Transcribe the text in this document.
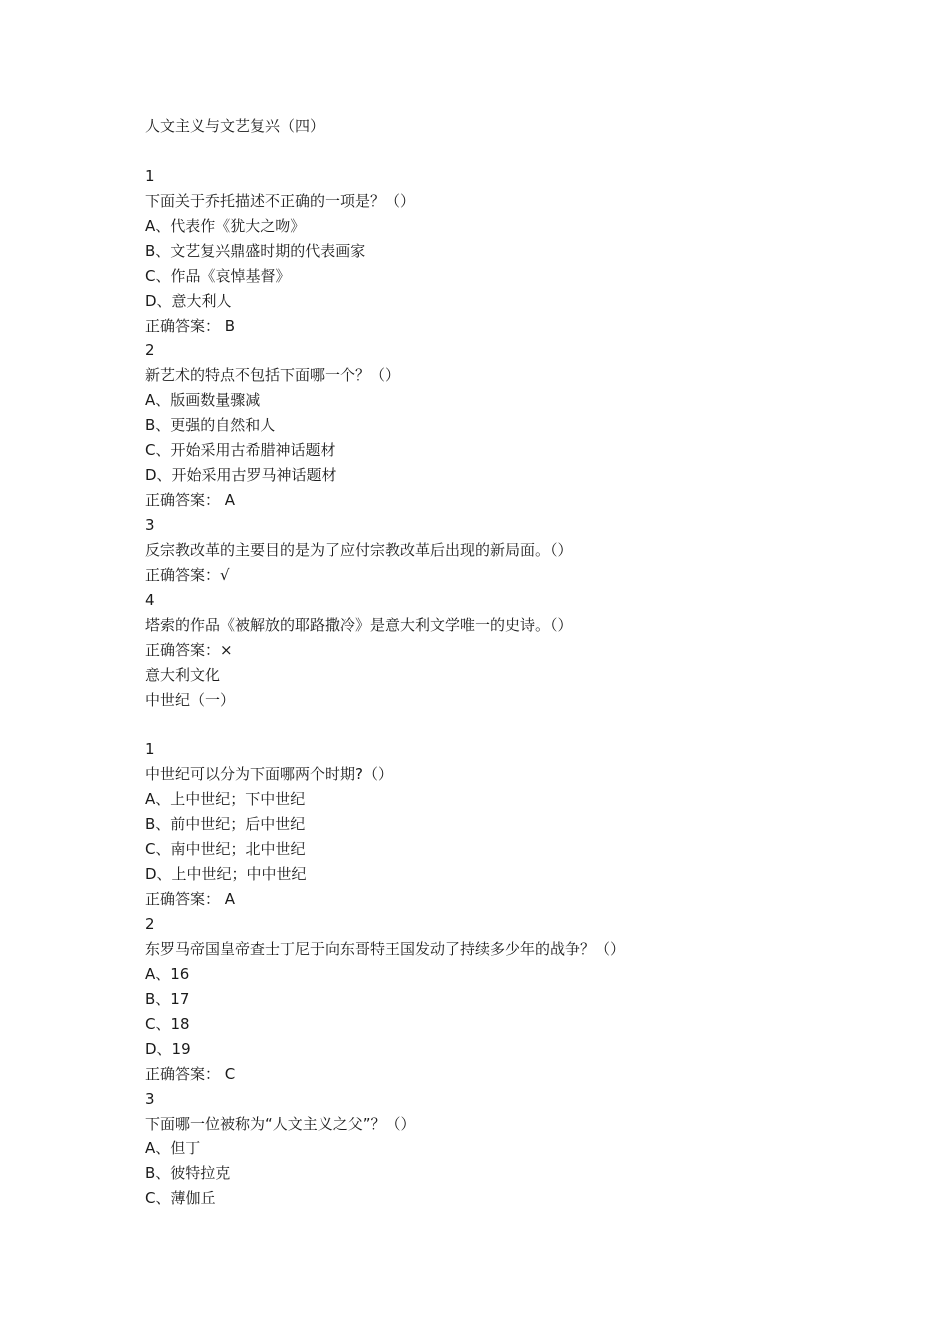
人文主义与文艺复兴（四）
1
下面关于乔托描述不正确的一项是？（）
A、代表作《犹大之吻》
B、文艺复兴鼎盛时期的代表画家
C、作品《哀悼基督》
D、意大利人
正确答案： B
2
新艺术的特点不包括下面哪一个？（）
A、版画数量骤减
B、更强的自然和人
C、开始采用古希腊神话题材
D、开始采用古罗马神话题材
正确答案： A
3
反宗教改革的主要目的是为了应付宗教改革后出现的新局面。（）
正确答案：√
4
塔索的作品《被解放的耶路撒冷》是意大利文学唯一的史诗。（）
正确答案：×
意大利文化
中世纪（一）
1
中世纪可以分为下面哪两个时期?（）
A、上中世纪；下中世纪
B、前中世纪；后中世纪
C、南中世纪；北中世纪
D、上中世纪；中中世纪
正确答案： A
2
东罗马帝国皇帝查士丁尼于向东哥特王国发动了持续多少年的战争？（）
A、16
B、17
C、18
D、19
正确答案： C
3
下面哪一位被称为“人文主义之父”？（）
A、但丁
B、彼特拉克
C、薄伽丘
